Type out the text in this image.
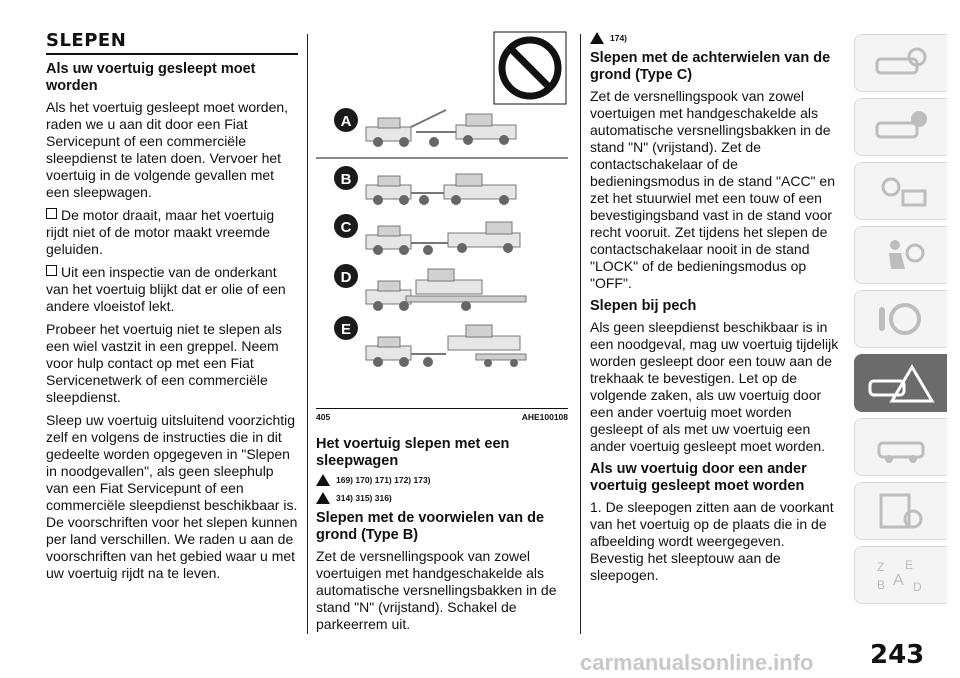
SLEPEN
Als uw voertuig gesleept moet worden

Als het voertuig gesleept moet worden, raden we u aan dit door een Fiat Servicepunt of een commerciële sleepdienst te laten doen. Vervoer het voertuig in de volgende gevallen met een sleepwagen.

De motor draait, maar het voertuig rijdt niet of de motor maakt vreemde geluiden.

Uit een inspectie van de onderkant van het voertuig blijkt dat er olie of een andere vloeistof lekt.

Probeer het voertuig niet te slepen als een wiel vastzit in een greppel. Neem voor hulp contact op met een Fiat Servicenetwerk of een commerciële sleepdienst.

Sleep uw voertuig uitsluitend voorzichtig zelf en volgens de instructies die in dit gedeelte worden opgegeven in "Slepen in noodgevallen", als geen sleephulp van een Fiat Servicepunt of een commerciële sleepdienst beschikbaar is. De voorschriften voor het slepen kunnen per land verschillen. We raden u aan de voorschriften van het gebied waar u met uw voertuig rijdt na te leven.

A
B
C
D
E
405	AHE100108
Het voertuig slepen met een sleepwagen
169) 170) 171) 172) 173)
314) 315) 316)
Slepen met de voorwielen van de grond (Type B)

Zet de versnellingspook van zowel voertuigen met handgeschakelde als automatische versnellingsbakken in de stand "N" (vrijstand). Schakel de parkeerrem uit.

174)
Slepen met de achterwielen van de grond (Type C)

Zet de versnellingspook van zowel voertuigen met handgeschakelde als automatische versnellingsbakken in de stand "N" (vrijstand). Zet de contactschakelaar of de bedieningsmodus in de stand "ACC" en zet het stuurwiel met een touw of een bevestigingsband vast in de stand voor recht vooruit. Zet tijdens het slepen de contactschakelaar nooit in de stand "LOCK" of de bedieningsmodus op "OFF".

Slepen bij pech

Als geen sleepdienst beschikbaar is in een noodgeval, mag uw voertuig tijdelijk worden gesleept door een touw aan de trekhaak te bevestigen. Let op de volgende zaken, als uw voertuig door een ander voertuig moet worden gesleept of als met uw voertuig een ander voertuig gesleept moet worden.

Als uw voertuig door een ander voertuig gesleept moet worden

1. De sleepogen zitten aan de voorkant van het voertuig op de plaats die in de afbeelding wordt weergegeven. Bevestig het sleeptouw aan de sleepogen.	Z E
A
B D
243
carmanualsonline.info
